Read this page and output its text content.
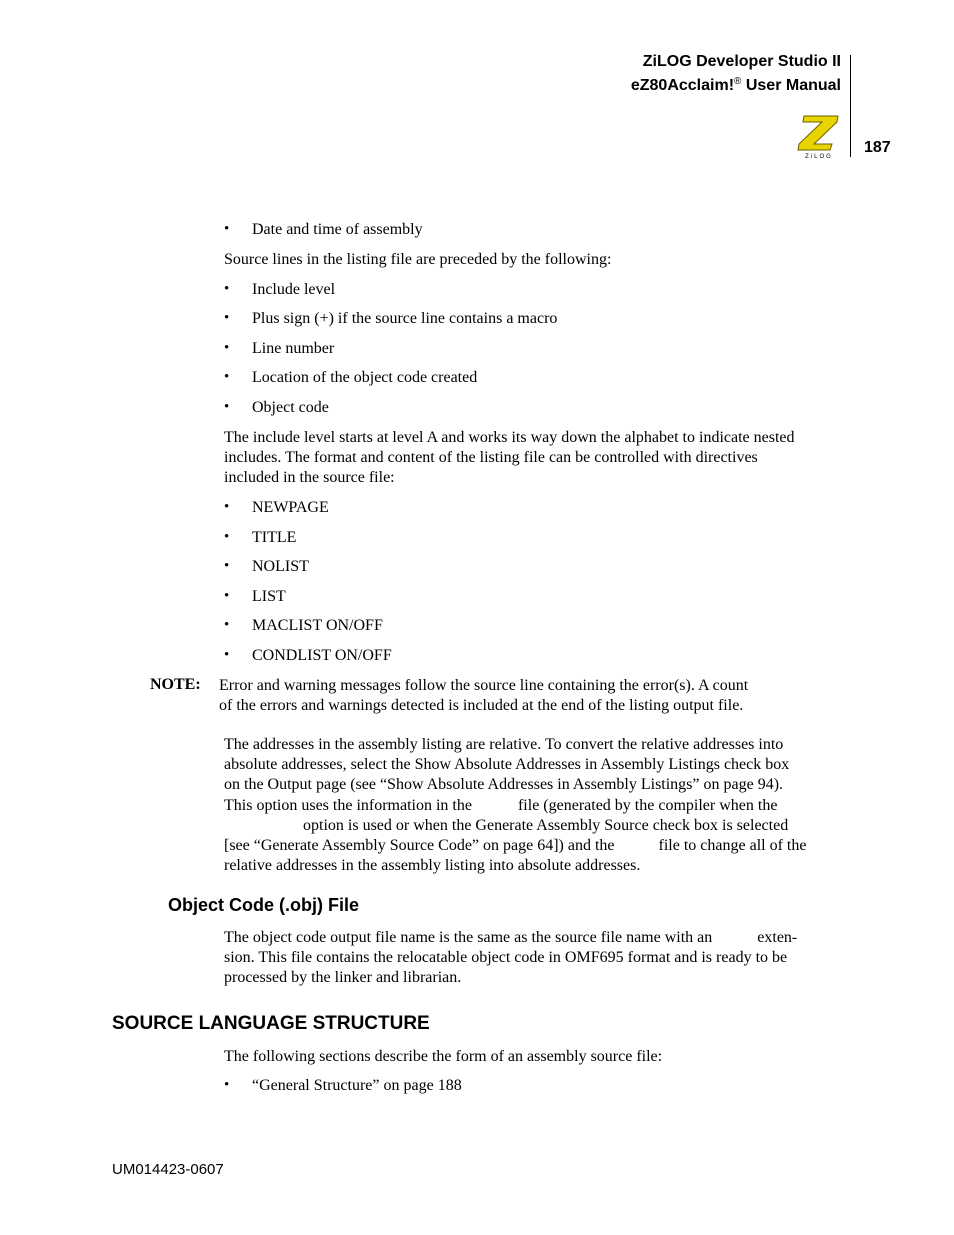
ZiLOG Developer Studio II
eZ80Acclaim!® User Manual
ZiLOG
187
• Date and time of assembly
Source lines in the listing file are preceded by the following:
• Include level
• Plus sign (+) if the source line contains a macro
• Line number
• Location of the object code created
• Object code
The include level starts at level A and works its way down the alphabet to indicate nested
includes. The format and content of the listing file can be controlled with directives
included in the source file:
• NEWPAGE
• TITLE
• NOLIST
• LIST
• MACLIST ON/OFF
• CONDLIST ON/OFF
NOTE: Error and warning messages follow the source line containing the error(s). A count
of the errors and warnings detected is included at the end of the listing output file.
The addresses in the assembly listing are relative. To convert the relative addresses into
absolute addresses, select the Show Absolute Addresses in Assembly Listings check box
on the Output page (see “Show Absolute Addresses in Assembly Listings” on page 94).
This option uses the information in the	file (generated by the compiler when the
option is used or when the Generate Assembly Source check box is selected
[see “Generate Assembly Source Code” on page 64]) and the	file to change all of the
relative addresses in the assembly listing into absolute addresses.
Object Code (.obj) File
The object code output file name is the same as the source file name with an	exten-
sion. This file contains the relocatable object code in OMF695 format and is ready to be
processed by the linker and librarian.
SOURCE LANGUAGE STRUCTURE
The following sections describe the form of an assembly source file:
• “General Structure” on page 188
UM014423-0607
